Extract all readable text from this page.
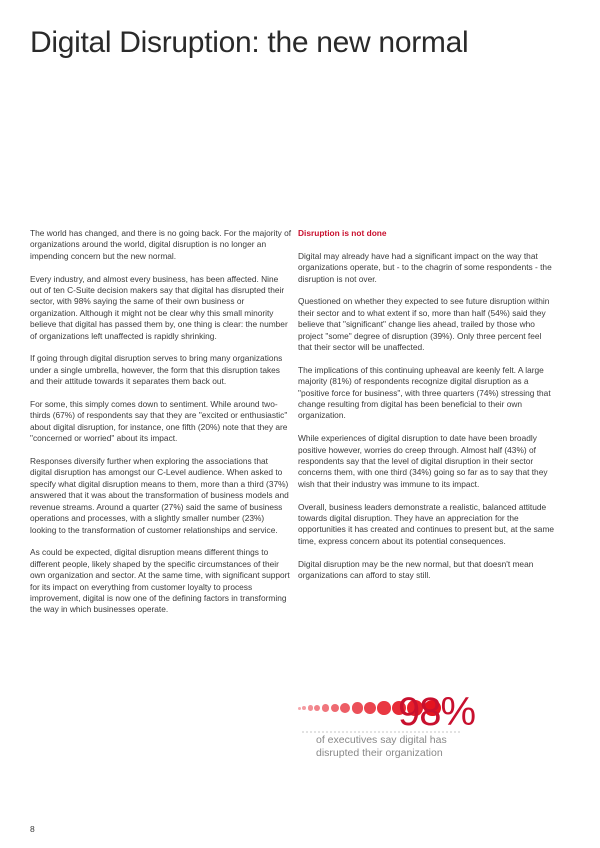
Digital Disruption: the new normal

The world has changed, and there is no going back. For the majority of organizations around the world, digital disruption is no longer an impending concern but the new normal.

Every industry, and almost every business, has been affected. Nine out of ten C-Suite decision makers say that digital has disrupted their sector, with 98% saying the same of their own business or organization. Although it might not be clear why this small minority believe that digital has passed them by, one thing is clear: the number of organizations left unaffected is rapidly shrinking.

If going through digital disruption serves to bring many organizations under a single umbrella, however, the form that this disruption takes and their attitude towards it separates them back out.

For some, this simply comes down to sentiment. While around two-thirds (67%) of respondents say that they are "excited or enthusiastic" about digital disruption, for instance, one fifth (20%) note that they are "concerned or worried" about its impact.

Responses diversify further when exploring the associations that digital disruption has amongst our C-Level audience. When asked to specify what digital disruption means to them, more than a third (37%) answered that it was about the transformation of business models and revenue streams. Around a quarter (27%) said the same of business operations and processes, with a slightly smaller number (23%) looking to the transformation of customer relationships and service.

As could be expected, digital disruption means different things to different people, likely shaped by the specific circumstances of their own organization and sector. At the same time, with significant support for its impact on everything from customer loyalty to process improvement, digital is now one of the defining factors in transforming the way in which businesses operate.

Disruption is not done

Digital may already have had a significant impact on the way that organizations operate, but - to the chagrin of some respondents - the disruption is not over.

Questioned on whether they expected to see future disruption within their sector and to what extent if so, more than half (54%) said they believe that "significant" change lies ahead, trailed by those who project "some" degree of disruption (39%). Only three percent feel that their sector will be unaffected.

The implications of this continuing upheaval are keenly felt. A large majority (81%) of respondents recognize digital disruption as a "positive force for business", with three quarters (74%) stressing that change resulting from digital has been beneficial to their own organization.

While experiences of digital disruption to date have been broadly positive however, worries do creep through. Almost half (43%) of respondents say that the level of digital disruption in their sector concerns them, with one third (34%) going so far as to say that they wish that their industry was immune to its impact.

Overall, business leaders demonstrate a realistic, balanced attitude towards digital disruption. They have an appreciation for the opportunities it has created and continues to present but, at the same time, express concern about its potential consequences.

Digital disruption may be the new normal, but that doesn't mean organizations can afford to stay still.

98%
of executives say digital has
disrupted their organization
8
